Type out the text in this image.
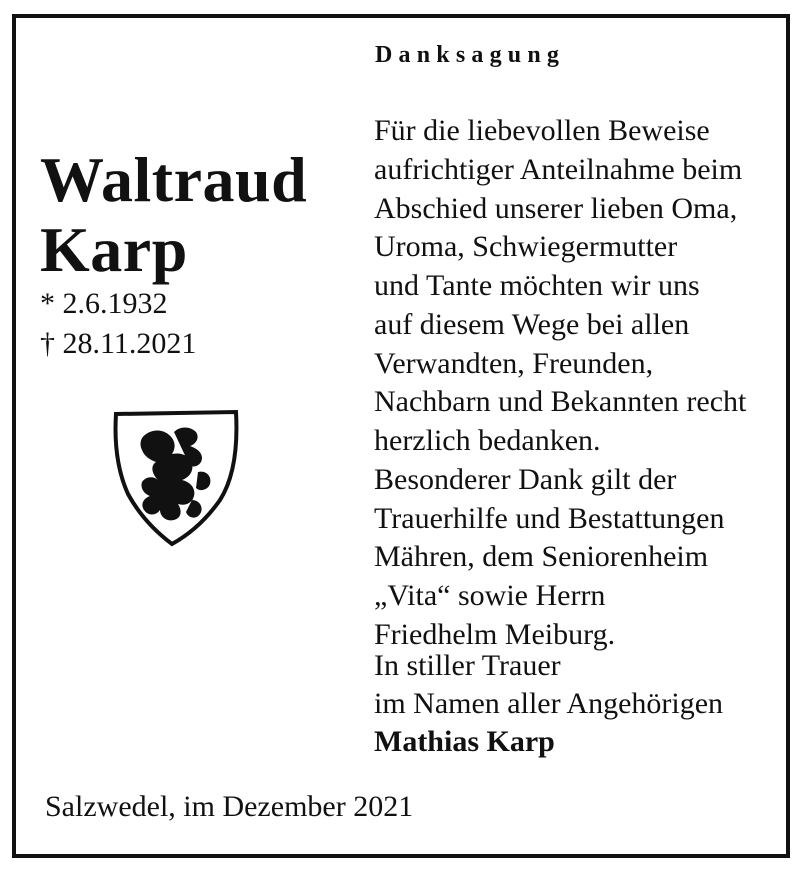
Waltraud
Karp
* 2.6.1932
† 28.11.2021
Danksagung
Für die liebevollen Beweise
aufrichtiger Anteilnahme beim
Abschied unserer lieben Oma,
Uroma, Schwiegermutter
und Tante möchten wir uns
auf diesem Wege bei allen
Verwandten, Freunden,
Nachbarn und Bekannten recht
herzlich bedanken.
Besonderer Dank gilt der
Trauerhilfe und Bestattungen
Mähren, dem Seniorenheim
„Vita“ sowie Herrn
Friedhelm Meiburg.
In stiller Trauer
im Namen aller Angehörigen
Mathias Karp
Salzwedel, im Dezember 2021
